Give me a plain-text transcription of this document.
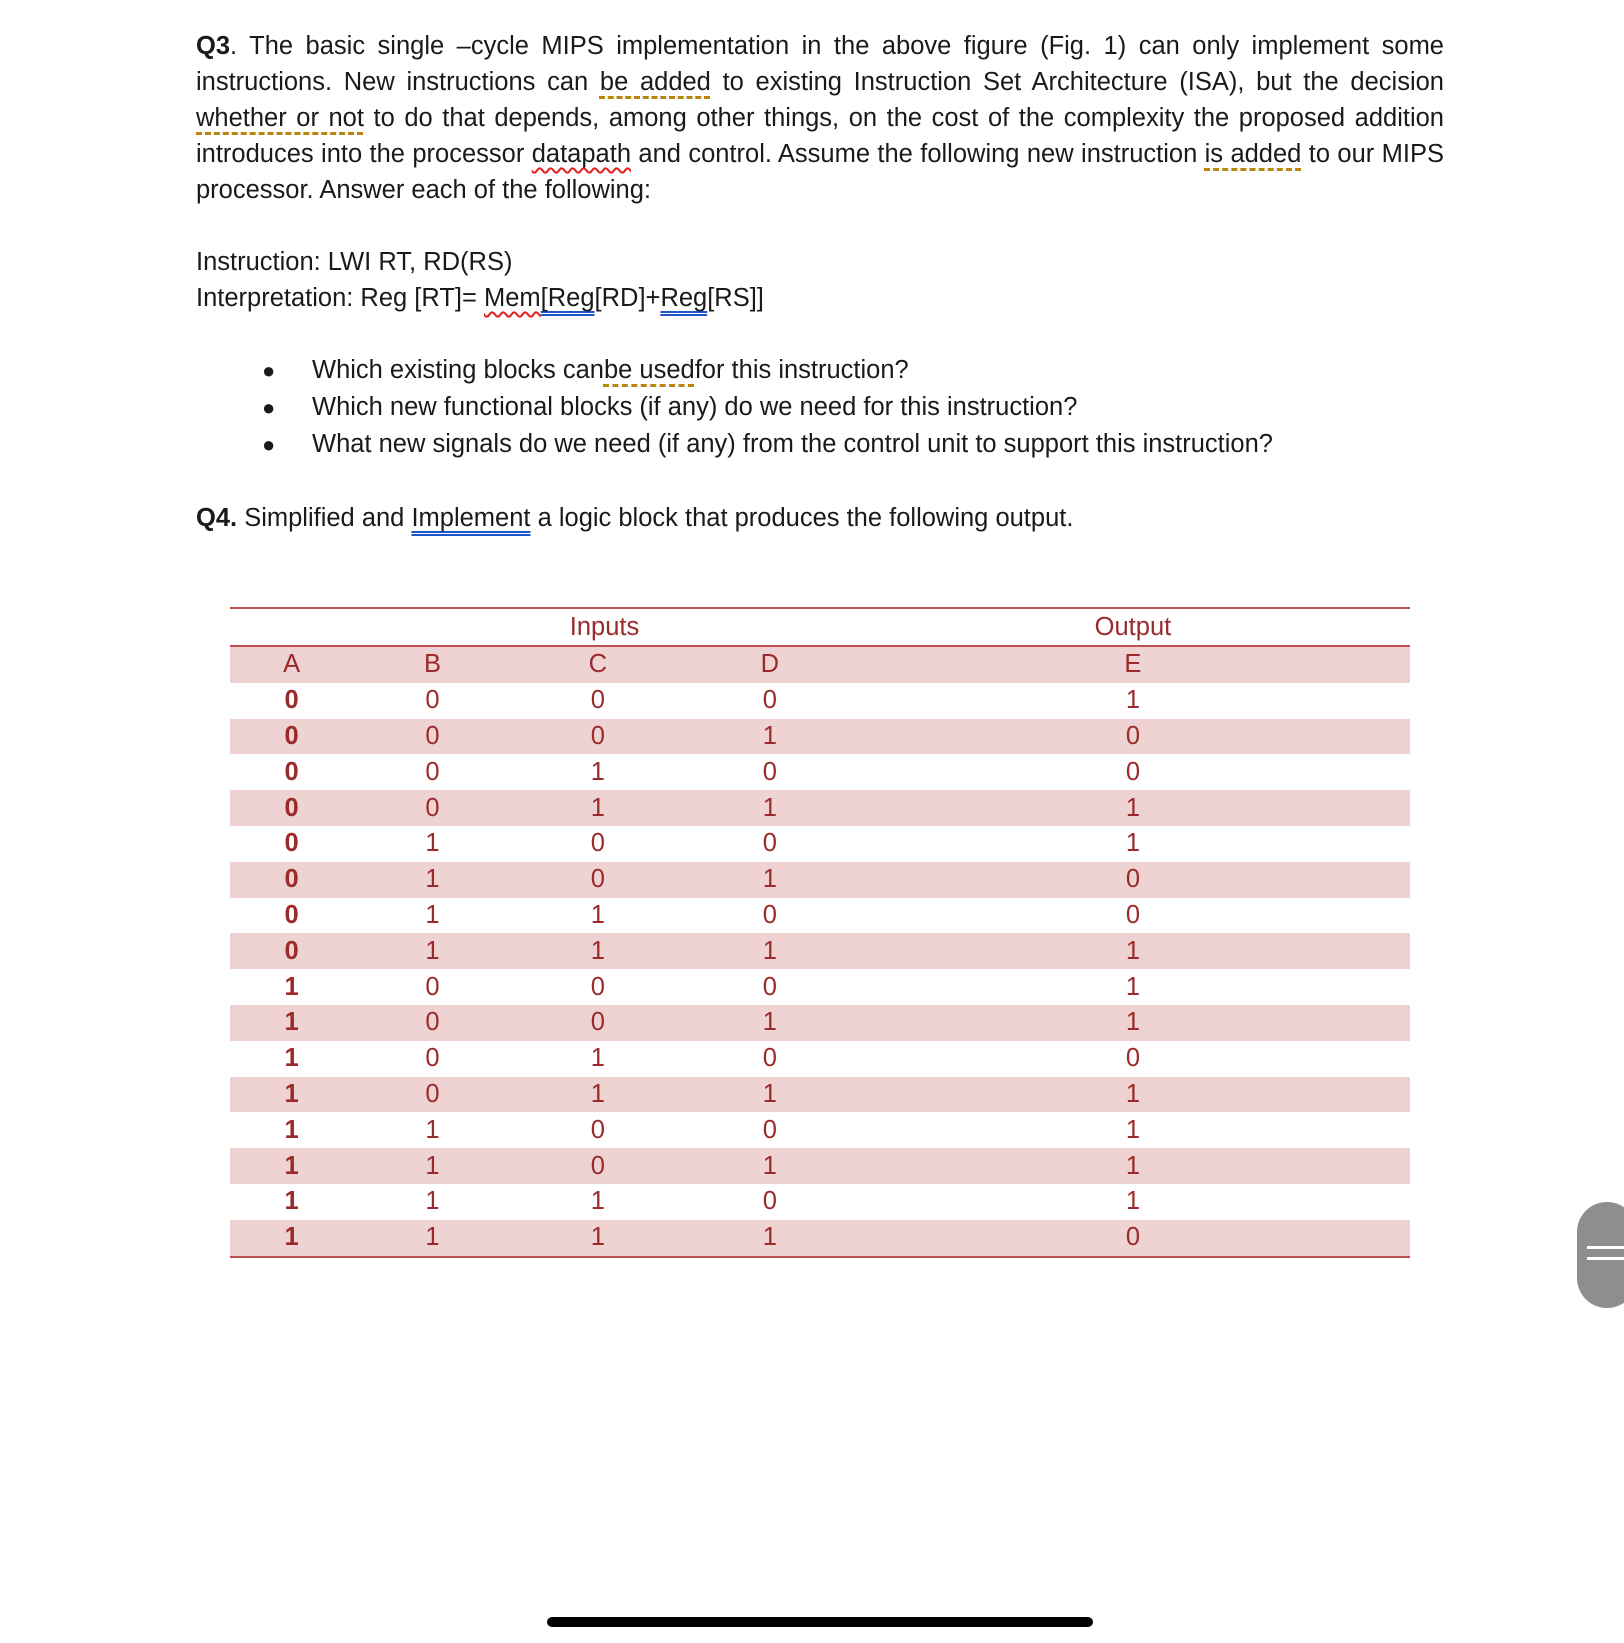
Q3. The basic single –cycle MIPS implementation in the above figure (Fig. 1) can only implement some instructions. New instructions can be added to existing Instruction Set Architecture (ISA), but the decision whether or not to do that depends, among other things, on the cost of the complexity the proposed addition introduces into the processor datapath and control. Assume the following new instruction is added to our MIPS processor. Answer each of the following:
Instruction: LWI RT, RD(RS)
Interpretation: Reg [RT]= Mem[Reg[RD]+Reg[RS]]
●	Which existing blocks can be used for this instruction?
●	Which new functional blocks (if any) do we need for this instruction?
●	What new signals do we need (if any) from the control unit to support this instruction?
Q4. Simplified and Implement a logic block that produces the following output.
	Inputs			Output
A	B	C	D	E
0	0	0	0	1
0	0	0	1	0
0	0	1	0	0
0	0	1	1	1
0	1	0	0	1
0	1	0	1	0
0	1	1	0	0
0	1	1	1	1
1	0	0	0	1
1	0	0	1	1
1	0	1	0	0
1	0	1	1	1
1	1	0	0	1
1	1	0	1	1
1	1	1	0	1
1	1	1	1	0
